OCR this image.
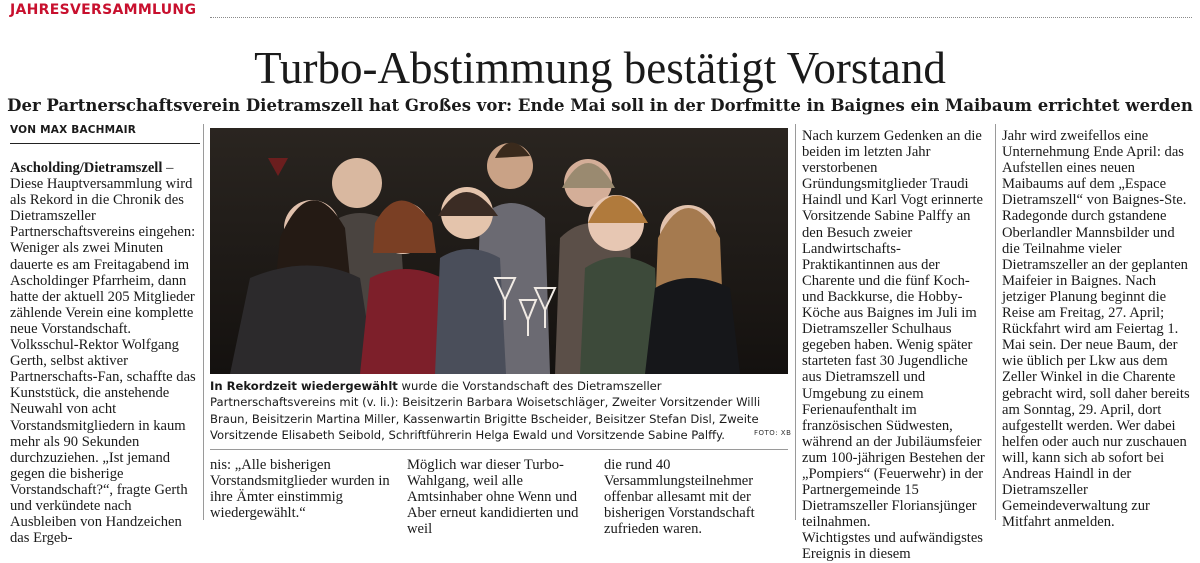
JAHRESVERSAMMLUNG
Turbo-Abstimmung bestätigt Vorstand
Der Partnerschaftsverein Dietramszell hat Großes vor: Ende Mai soll in der Dorfmitte in Baignes ein Maibaum errichtet werden
VON MAX BACHMAIR

Ascholding/Dietramszell – Diese Hauptversammlung wird als Rekord in die Chronik des Dietramszeller Partnerschaftsvereins eingehen: Weniger als zwei Minuten dauerte es am Freitagabend im Ascholdinger Pfarrheim, dann hatte der aktuell 205 Mitglieder zählende Verein eine komplette neue Vorstandschaft. Volksschul-Rektor Wolfgang Gerth, selbst aktiver Partnerschafts-Fan, schaffte das Kunststück, die anstehende Neuwahl von acht Vorstandsmitgliedern in kaum mehr als 90 Sekunden durchzuziehen. „Ist jemand gegen die bisherige Vorstandschaft?“, fragte Gerth und verkündete nach Ausbleiben von Handzeichen das Ergeb-

In Rekordzeit wiedergewählt wurde die Vorstandschaft des Dietramszeller Partnerschaftsvereins mit (v. li.): Beisitzerin Barbara Woisetschläger, Zweiter Vorsitzender Willi Braun, Beisitzerin Martina Miller, Kassenwartin Brigitte Bscheider, Beisitzer Stefan Disl, Zweite Vorsitzende Elisabeth Seibold, Schriftführerin Helga Ewald und Vorsitzende Sabine Palffy.	FOTO: XB

nis: „Alle bisherigen Vorstandsmitglieder wurden in ihre Ämter einstimmig wiedergewählt.“

Möglich war dieser Turbo-Wahlgang, weil alle Amtsinhaber ohne Wenn und Aber erneut kandidierten und weil

die rund 40 Versammlungsteilnehmer offenbar allesamt mit der bisherigen Vorstandschaft zufrieden waren.

Nach kurzem Gedenken an die beiden im letzten Jahr verstorbenen Gründungsmitglieder Traudi Haindl und Karl Vogt erinnerte Vorsitzende Sabine Palffy an den Besuch zweier Landwirtschafts-Praktikantinnen aus der Charente und die fünf Koch- und Backkurse, die Hobby-Köche aus Baignes im Juli im Dietramszeller Schulhaus gegeben haben. Wenig später starteten fast 30 Jugendliche aus Dietramszell und Umgebung zu einem Ferienaufenthalt im französischen Südwesten, während an der Jubiläumsfeier zum 100-jährigen Bestehen der „Pompiers“ (Feuerwehr) in der Partnergemeinde 15 Dietramszeller Floriansjünger teilnahmen.

Wichtigstes und aufwändigstes Ereignis in diesem

Jahr wird zweifellos eine Unternehmung Ende April: das Aufstellen eines neuen Maibaums auf dem „Espace Dietramszell“ von Baignes-Ste. Radegonde durch gstandene Oberlandler Mannsbilder und die Teilnahme vieler Dietramszeller an der geplanten Maifeier in Baignes. Nach jetziger Planung beginnt die Reise am Freitag, 27. April; Rückfahrt wird am Feiertag 1. Mai sein. Der neue Baum, der wie üblich per Lkw aus dem Zeller Winkel in die Charente gebracht wird, soll daher bereits am Sonntag, 29. April, dort aufgestellt werden. Wer dabei helfen oder auch nur zuschauen will, kann sich ab sofort bei Andreas Haindl in der Dietramszeller Gemeindeverwaltung zur Mitfahrt anmelden.
